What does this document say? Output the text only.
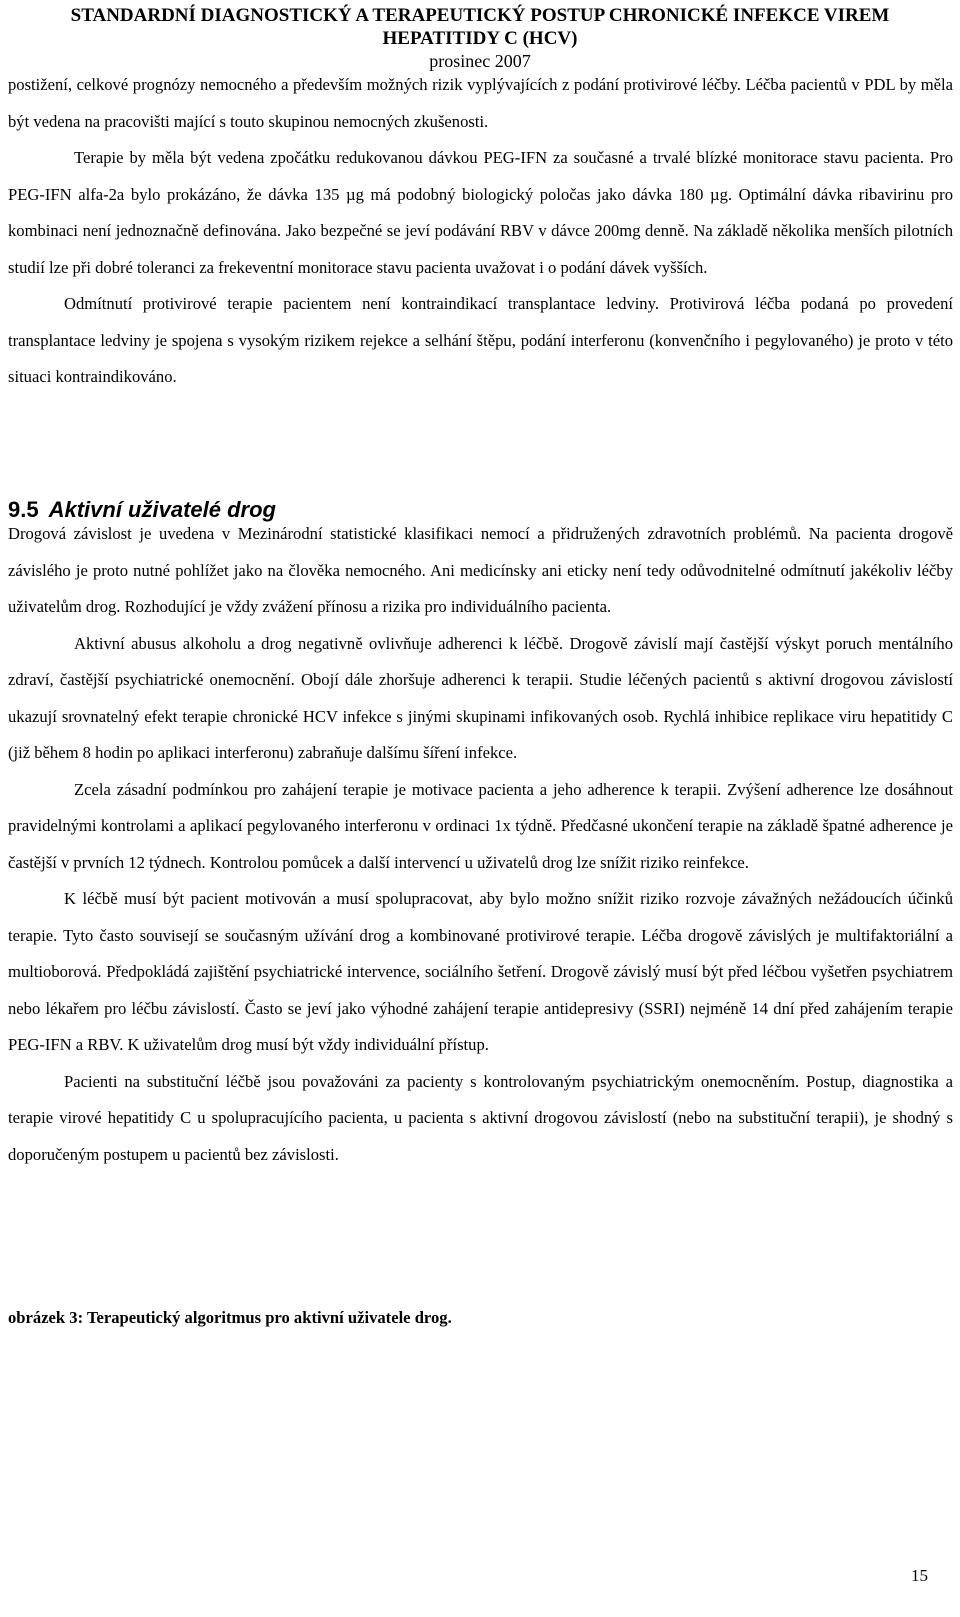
STANDARDNÍ DIAGNOSTICKÝ A TERAPEUTICKÝ POSTUP CHRONICKÉ INFEKCE VIREM
HEPATITIDY C (HCV)
prosinec 2007

postižení, celkové prognózy nemocného a především možných rizik vyplývajících z podání protivirové léčby. Léčba pacientů v PDL by měla být vedena na pracovišti mající s touto skupinou nemocných zkušenosti.

Terapie by měla být vedena zpočátku redukovanou dávkou PEG-IFN za současné a trvalé blízké monitorace stavu pacienta. Pro PEG-IFN alfa-2a bylo prokázáno, že dávka 135 µg má podobný biologický poločas jako dávka 180 µg. Optimální dávka ribavirinu pro kombinaci není jednoznačně definována. Jako bezpečné se jeví podávání RBV v dávce 200mg denně. Na základě několika menších pilotních studií lze při dobré toleranci za frekeventní monitorace stavu pacienta uvažovat i o podání dávek vyšších.

Odmítnutí protivirové terapie pacientem není kontraindikací transplantace ledviny. Protivirová léčba podaná po provedení transplantace ledviny je spojena s vysokým rizikem rejekce a selhání štěpu, podání interferonu (konvenčního i pegylovaného) je proto v této situaci kontraindikováno.

9.5 Aktivní uživatelé drog

Drogová závislost je uvedena v Mezinárodní statistické klasifikaci nemocí a přidružených zdravotních problémů. Na pacienta drogově závislého je proto nutné pohlížet jako na člověka nemocného. Ani medicínsky ani eticky není tedy odůvodnitelné odmítnutí jakékoliv léčby uživatelům drog. Rozhodující je vždy zvážení přínosu a rizika pro individuálního pacienta.

Aktivní abusus alkoholu a drog negativně ovlivňuje adherenci k léčbě. Drogově závislí mají častější výskyt poruch mentálního zdraví, častější psychiatrické onemocnění. Obojí dále zhoršuje adherenci k terapii. Studie léčených pacientů s aktivní drogovou závislostí ukazují srovnatelný efekt terapie chronické HCV infekce s jinými skupinami infikovaných osob. Rychlá inhibice replikace viru hepatitidy C (již během 8 hodin po aplikaci interferonu) zabraňuje dalšímu šíření infekce.

Zcela zásadní podmínkou pro zahájení terapie je motivace pacienta a jeho adherence k terapii. Zvýšení adherence lze dosáhnout pravidelnými kontrolami a aplikací pegylovaného interferonu v ordinaci 1x týdně. Předčasné ukončení terapie na základě špatné adherence je častější v prvních 12 týdnech. Kontrolou pomůcek a další intervencí u uživatelů drog lze snížit riziko reinfekce.

K léčbě musí být pacient motivován a musí spolupracovat, aby bylo možno snížit riziko rozvoje závažných nežádoucích účinků terapie. Tyto často souvisejí se současným užívání drog a kombinované protivirové terapie. Léčba drogově závislých je multifaktoriální a multioborová. Předpokládá zajištění psychiatrické intervence, sociálního šetření. Drogově závislý musí být před léčbou vyšetřen psychiatrem nebo lékařem pro léčbu závislostí. Často se jeví jako výhodné zahájení terapie antidepresivy (SSRI) nejméně 14 dní před zahájením terapie PEG-IFN a RBV. K uživatelům drog musí být vždy individuální přístup.

Pacienti na substituční léčbě jsou považováni za pacienty s kontrolovaným psychiatrickým onemocněním. Postup, diagnostika a terapie virové hepatitidy C u spolupracujícího pacienta, u pacienta s aktivní drogovou závislostí (nebo na substituční terapii), je shodný s doporučeným postupem u pacientů bez závislosti.

obrázek 3: Terapeutický algoritmus pro aktivní uživatele drog.
15
